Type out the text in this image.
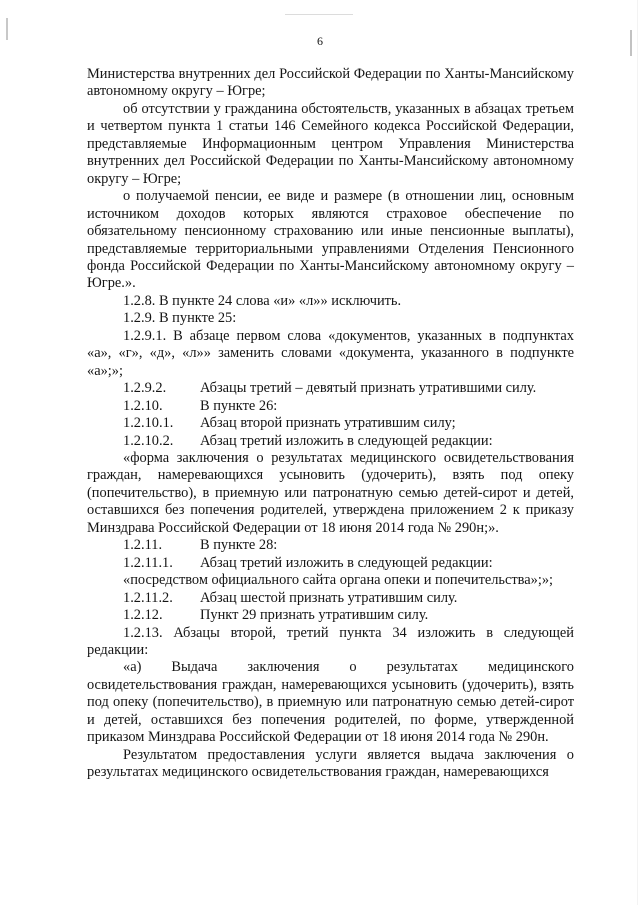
6

Министерства внутренних дел Российской Федерации по Ханты-Мансийскому автономному округу – Югре;

об отсутствии у гражданина обстоятельств, указанных в абзацах третьем и четвертом пункта 1 статьи 146 Семейного кодекса Российской Федерации, представляемые Информационным центром Управления Министерства внутренних дел Российской Федерации по Ханты-Мансийскому автономному округу – Югре;

о получаемой пенсии, ее виде и размере (в отношении лиц, основным источником доходов которых являются страховое обеспечение по обязательному пенсионному страхованию или иные пенсионные выплаты), представляемые территориальными управлениями Отделения Пенсионного фонда Российской Федерации по Ханты-Мансийскому автономному округу – Югре.».

1.2.8. В пункте 24 слова «и» «л»» исключить.

1.2.9. В пункте 25:

1.2.9.1. В абзаце первом слова «документов, указанных в подпунктах «а», «г», «д», «л»» заменить словами «документа, указанного в подпункте «а»;»;

1.2.9.2.	Абзацы третий – девятый признать утратившими силу.
1.2.10.	В пункте 26:
1.2.10.1.	Абзац второй признать утратившим силу;
1.2.10.2.	Абзац третий изложить в следующей редакции:

«форма заключения о результатах медицинского освидетельствования граждан, намеревающихся усыновить (удочерить), взять под опеку (попечительство), в приемную или патронатную семью детей-сирот и детей, оставшихся без попечения родителей, утверждена приложением 2 к приказу Минздрава Российской Федерации от 18 июня 2014 года № 290н;».

1.2.11.	В пункте 28:
1.2.11.1.	Абзац третий изложить в следующей редакции:

«посредством официального сайта органа опеки и попечительства»;»;

1.2.11.2.	Абзац шестой признать утратившим силу.
1.2.12.	Пункт 29 признать утратившим силу.

1.2.13. Абзацы второй, третий пункта 34 изложить в следующей редакции:

«а) Выдача заключения о результатах медицинского освидетельствования граждан, намеревающихся усыновить (удочерить), взять под опеку (попечительство), в приемную или патронатную семью детей-сирот и детей, оставшихся без попечения родителей, по форме, утвержденной приказом Минздрава Российской Федерации от 18 июня 2014 года № 290н.

Результатом предоставления услуги является выдача заключения о результатах медицинского освидетельствования граждан, намеревающихся
